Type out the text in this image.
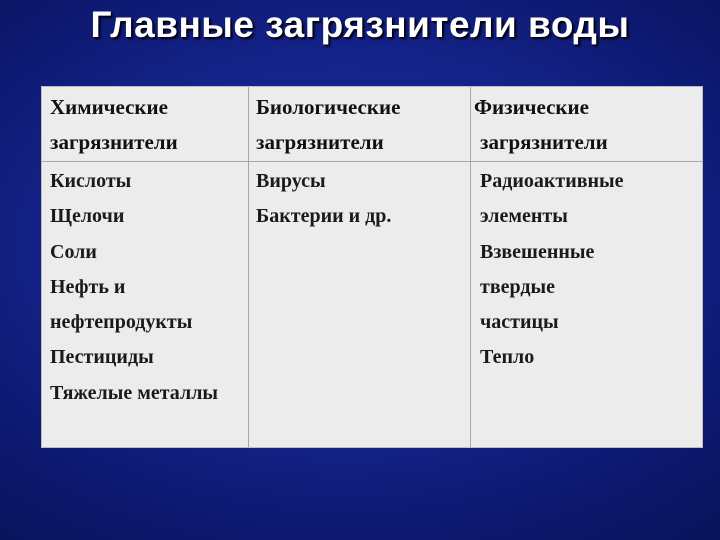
Главные загрязнители воды
Химические
загрязнители
Кислоты
Щелочи
Соли
Нефть и
нефтепродукты
Пестициды
Тяжелые металлы
Биологические
загрязнители
Вирусы
Бактерии и др.
Физические
загрязнители
Радиоактивные
элементы
Взвешенные
твердые
частицы
Тепло
